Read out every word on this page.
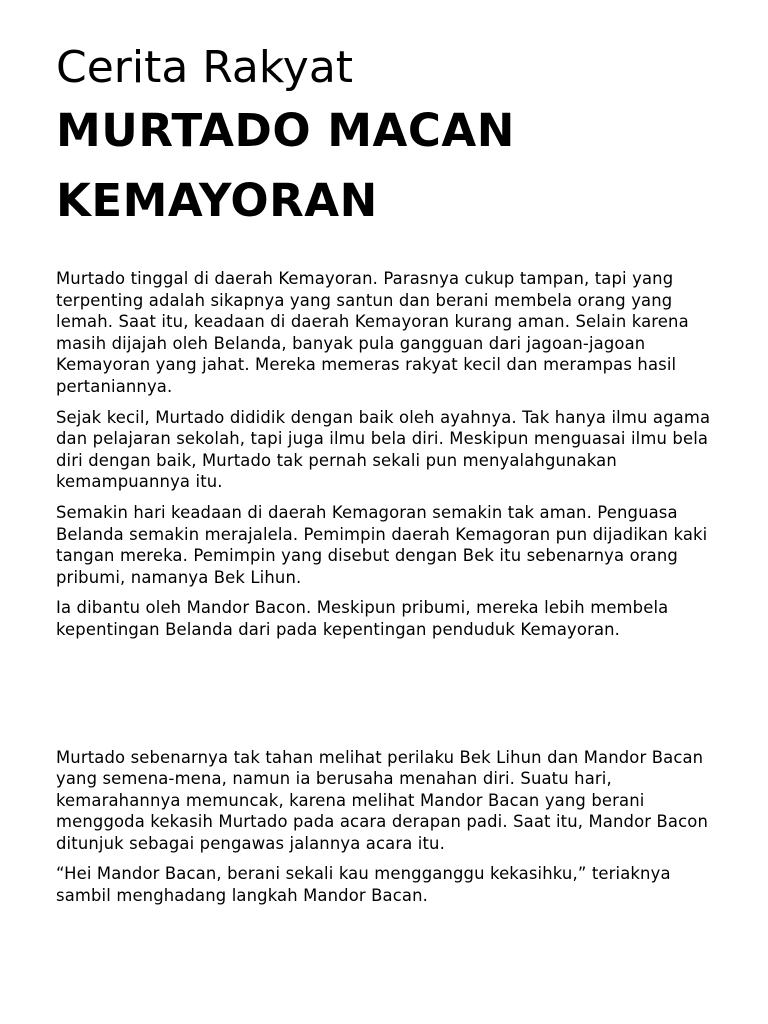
Cerita Rakyat
MURTADO MACAN
KEMAYORAN

Murtado tinggal di daerah Kemayoran. Parasnya cukup tampan, tapi yang terpenting adalah sikapnya yang santun dan berani membela orang yang lemah. Saat itu, keadaan di daerah Kemayoran kurang aman. Selain karena masih dijajah oleh Belanda, banyak pula gangguan dari jagoan-jagoan Kemayoran yang jahat. Mereka memeras rakyat kecil dan merampas hasil pertaniannya.

Sejak kecil, Murtado dididik dengan baik oleh ayahnya. Tak hanya ilmu agama dan pelajaran sekolah, tapi juga ilmu bela diri. Meskipun menguasai ilmu bela diri dengan baik, Murtado tak pernah sekali pun menyalahgunakan kemampuannya itu.

Semakin hari keadaan di daerah Kemagoran semakin tak aman. Penguasa Belanda semakin merajalela. Pemimpin daerah Kemagoran pun dijadikan kaki tangan mereka. Pemimpin yang disebut dengan Bek itu sebenarnya orang pribumi, namanya Bek Lihun.

Ia dibantu oleh Mandor Bacon. Meskipun pribumi, mereka lebih membela kepentingan Belanda dari pada kepentingan penduduk Kemayoran.

Murtado sebenarnya tak tahan melihat perilaku Bek Lihun dan Mandor Bacan yang semena-mena, namun ia berusaha menahan diri. Suatu hari, kemarahannya memuncak, karena melihat Mandor Bacan yang berani menggoda kekasih Murtado pada acara derapan padi. Saat itu, Mandor Bacon ditunjuk sebagai pengawas jalannya acara itu.

“Hei Mandor Bacan, berani sekali kau mengganggu kekasihku,” teriaknya sambil menghadang langkah Mandor Bacan.
